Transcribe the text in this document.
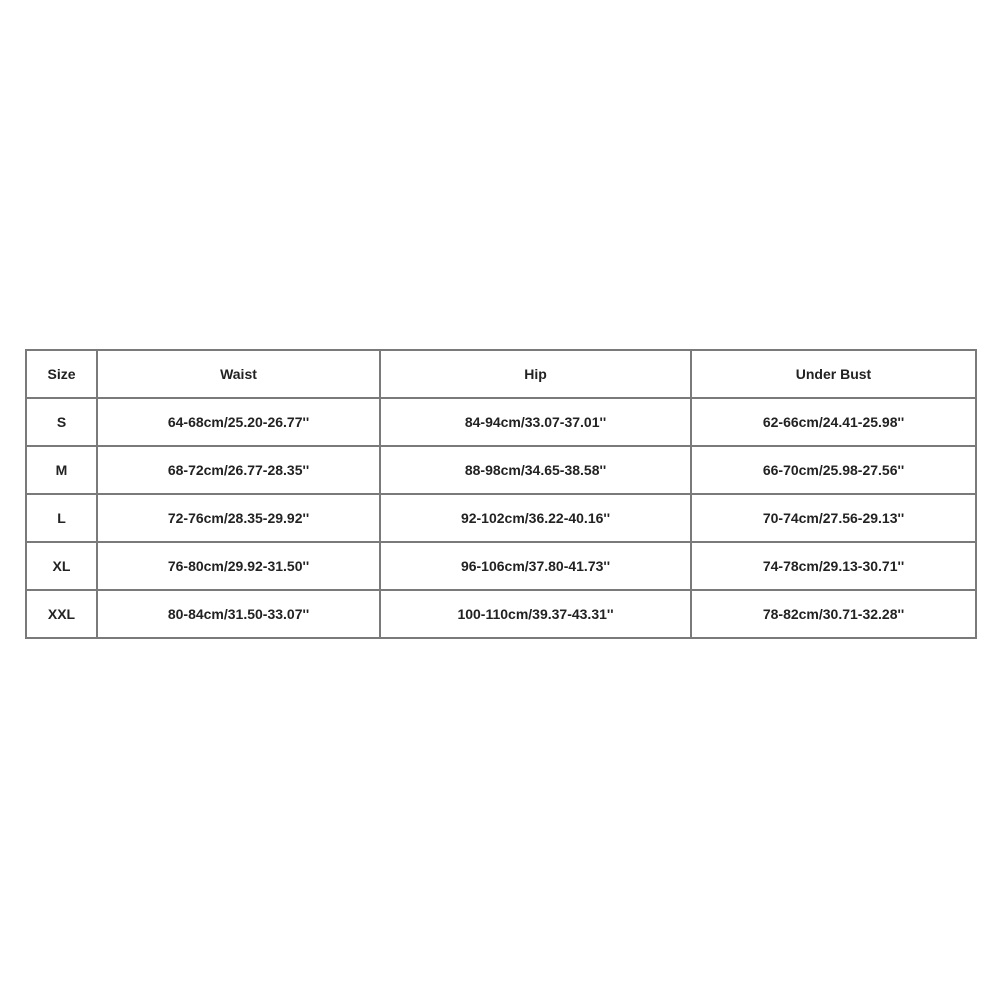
Size	Waist	Hip	Under Bust
S	64-68cm/25.20-26.77''	84-94cm/33.07-37.01''	62-66cm/24.41-25.98''
M	68-72cm/26.77-28.35''	88-98cm/34.65-38.58''	66-70cm/25.98-27.56''
L	72-76cm/28.35-29.92''	92-102cm/36.22-40.16''	70-74cm/27.56-29.13''
XL	76-80cm/29.92-31.50''	96-106cm/37.80-41.73''	74-78cm/29.13-30.71''
XXL	80-84cm/31.50-33.07''	100-110cm/39.37-43.31''	78-82cm/30.71-32.28''
